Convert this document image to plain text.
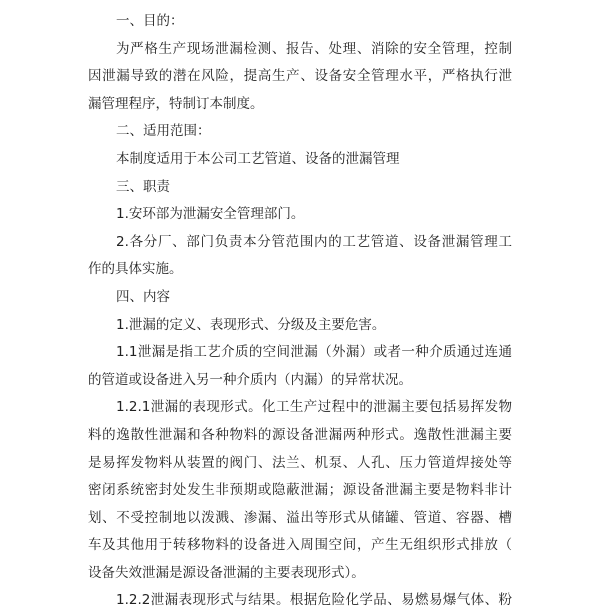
一、目的：
为严格生产现场泄漏检测、报告、处理、消除的安全管理，控制
因泄漏导致的潜在风险，提高生产、设备安全管理水平，严格执行泄
漏管理程序，特制订本制度。
二、适用范围：
本制度适用于本公司工艺管道、设备的泄漏管理
三、职责
1.安环部为泄漏安全管理部门。
2.各分厂、部门负责本分管范围内的工艺管道、设备泄漏管理工
作的具体实施。
四、内容
1.泄漏的定义、表现形式、分级及主要危害。
1.1泄漏是指工艺介质的空间泄漏（外漏）或者一种介质通过连通
的管道或设备进入另一种介质内（内漏）的异常状况。
1.2.1泄漏的表现形式。化工生产过程中的泄漏主要包括易挥发物
料的逸散性泄漏和各种物料的源设备泄漏两种形式。逸散性泄漏主要
是易挥发物料从装置的阀门、法兰、机泵、人孔、压力管道焊接处等
密闭系统密封处发生非预期或隐蔽泄漏；源设备泄漏主要是物料非计
划、不受控制地以泼溅、渗漏、溢出等形式从储罐、管道、容器、槽
车及其他用于转移物料的设备进入周围空间，产生无组织形式排放（
设备失效泄漏是源设备泄漏的主要表现形式）。
1.2.2泄漏表现形式与结果。根据危险化学品、易燃易爆气体、粉
